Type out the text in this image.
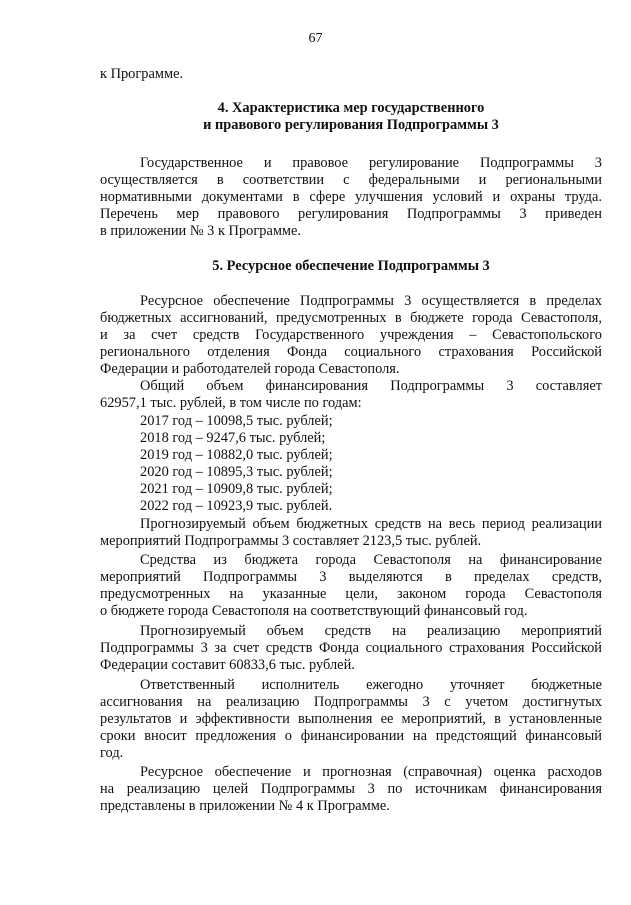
67
к Программе.
4. Характеристика мер государственного
и правового регулирования Подпрограммы 3
Государственное и правовое регулирование Подпрограммы 3
осуществляется в соответствии с федеральными и региональными
нормативными документами в сфере улучшения условий и охраны труда.
Перечень мер правового регулирования Подпрограммы 3 приведен
в приложении № 3 к Программе.
5. Ресурсное обеспечение Подпрограммы 3
Ресурсное обеспечение Подпрограммы 3 осуществляется в пределах
бюджетных ассигнований, предусмотренных в бюджете города Севастополя,
и за счет средств Государственного учреждения – Севастопольского
регионального отделения Фонда социального страхования Российской
Федерации и работодателей города Севастополя.
Общий объем финансирования Подпрограммы 3 составляет
62957,1 тыс. рублей, в том числе по годам:
2017 год – 10098,5 тыс. рублей;
2018 год – 9247,6 тыс. рублей;
2019 год – 10882,0 тыс. рублей;
2020 год – 10895,3 тыс. рублей;
2021 год – 10909,8 тыс. рублей;
2022 год – 10923,9 тыс. рублей.
Прогнозируемый объем бюджетных средств на весь период реализации
мероприятий Подпрограммы 3 составляет 2123,5 тыс. рублей.
Средства из бюджета города Севастополя на финансирование
мероприятий Подпрограммы 3 выделяются в пределах средств,
предусмотренных на указанные цели, законом города Севастополя
о бюджете города Севастополя на соответствующий финансовый год.
Прогнозируемый объем средств на реализацию мероприятий
Подпрограммы 3 за счет средств Фонда социального страхования Российской
Федерации составит 60833,6 тыс. рублей.
Ответственный исполнитель ежегодно уточняет бюджетные
ассигнования на реализацию Подпрограммы 3 с учетом достигнутых
результатов и эффективности выполнения ее мероприятий, в установленные
сроки вносит предложения о финансировании на предстоящий финансовый
год.
Ресурсное обеспечение и прогнозная (справочная) оценка расходов
на реализацию целей Подпрограммы 3 по источникам финансирования
представлены в приложении № 4 к Программе.
